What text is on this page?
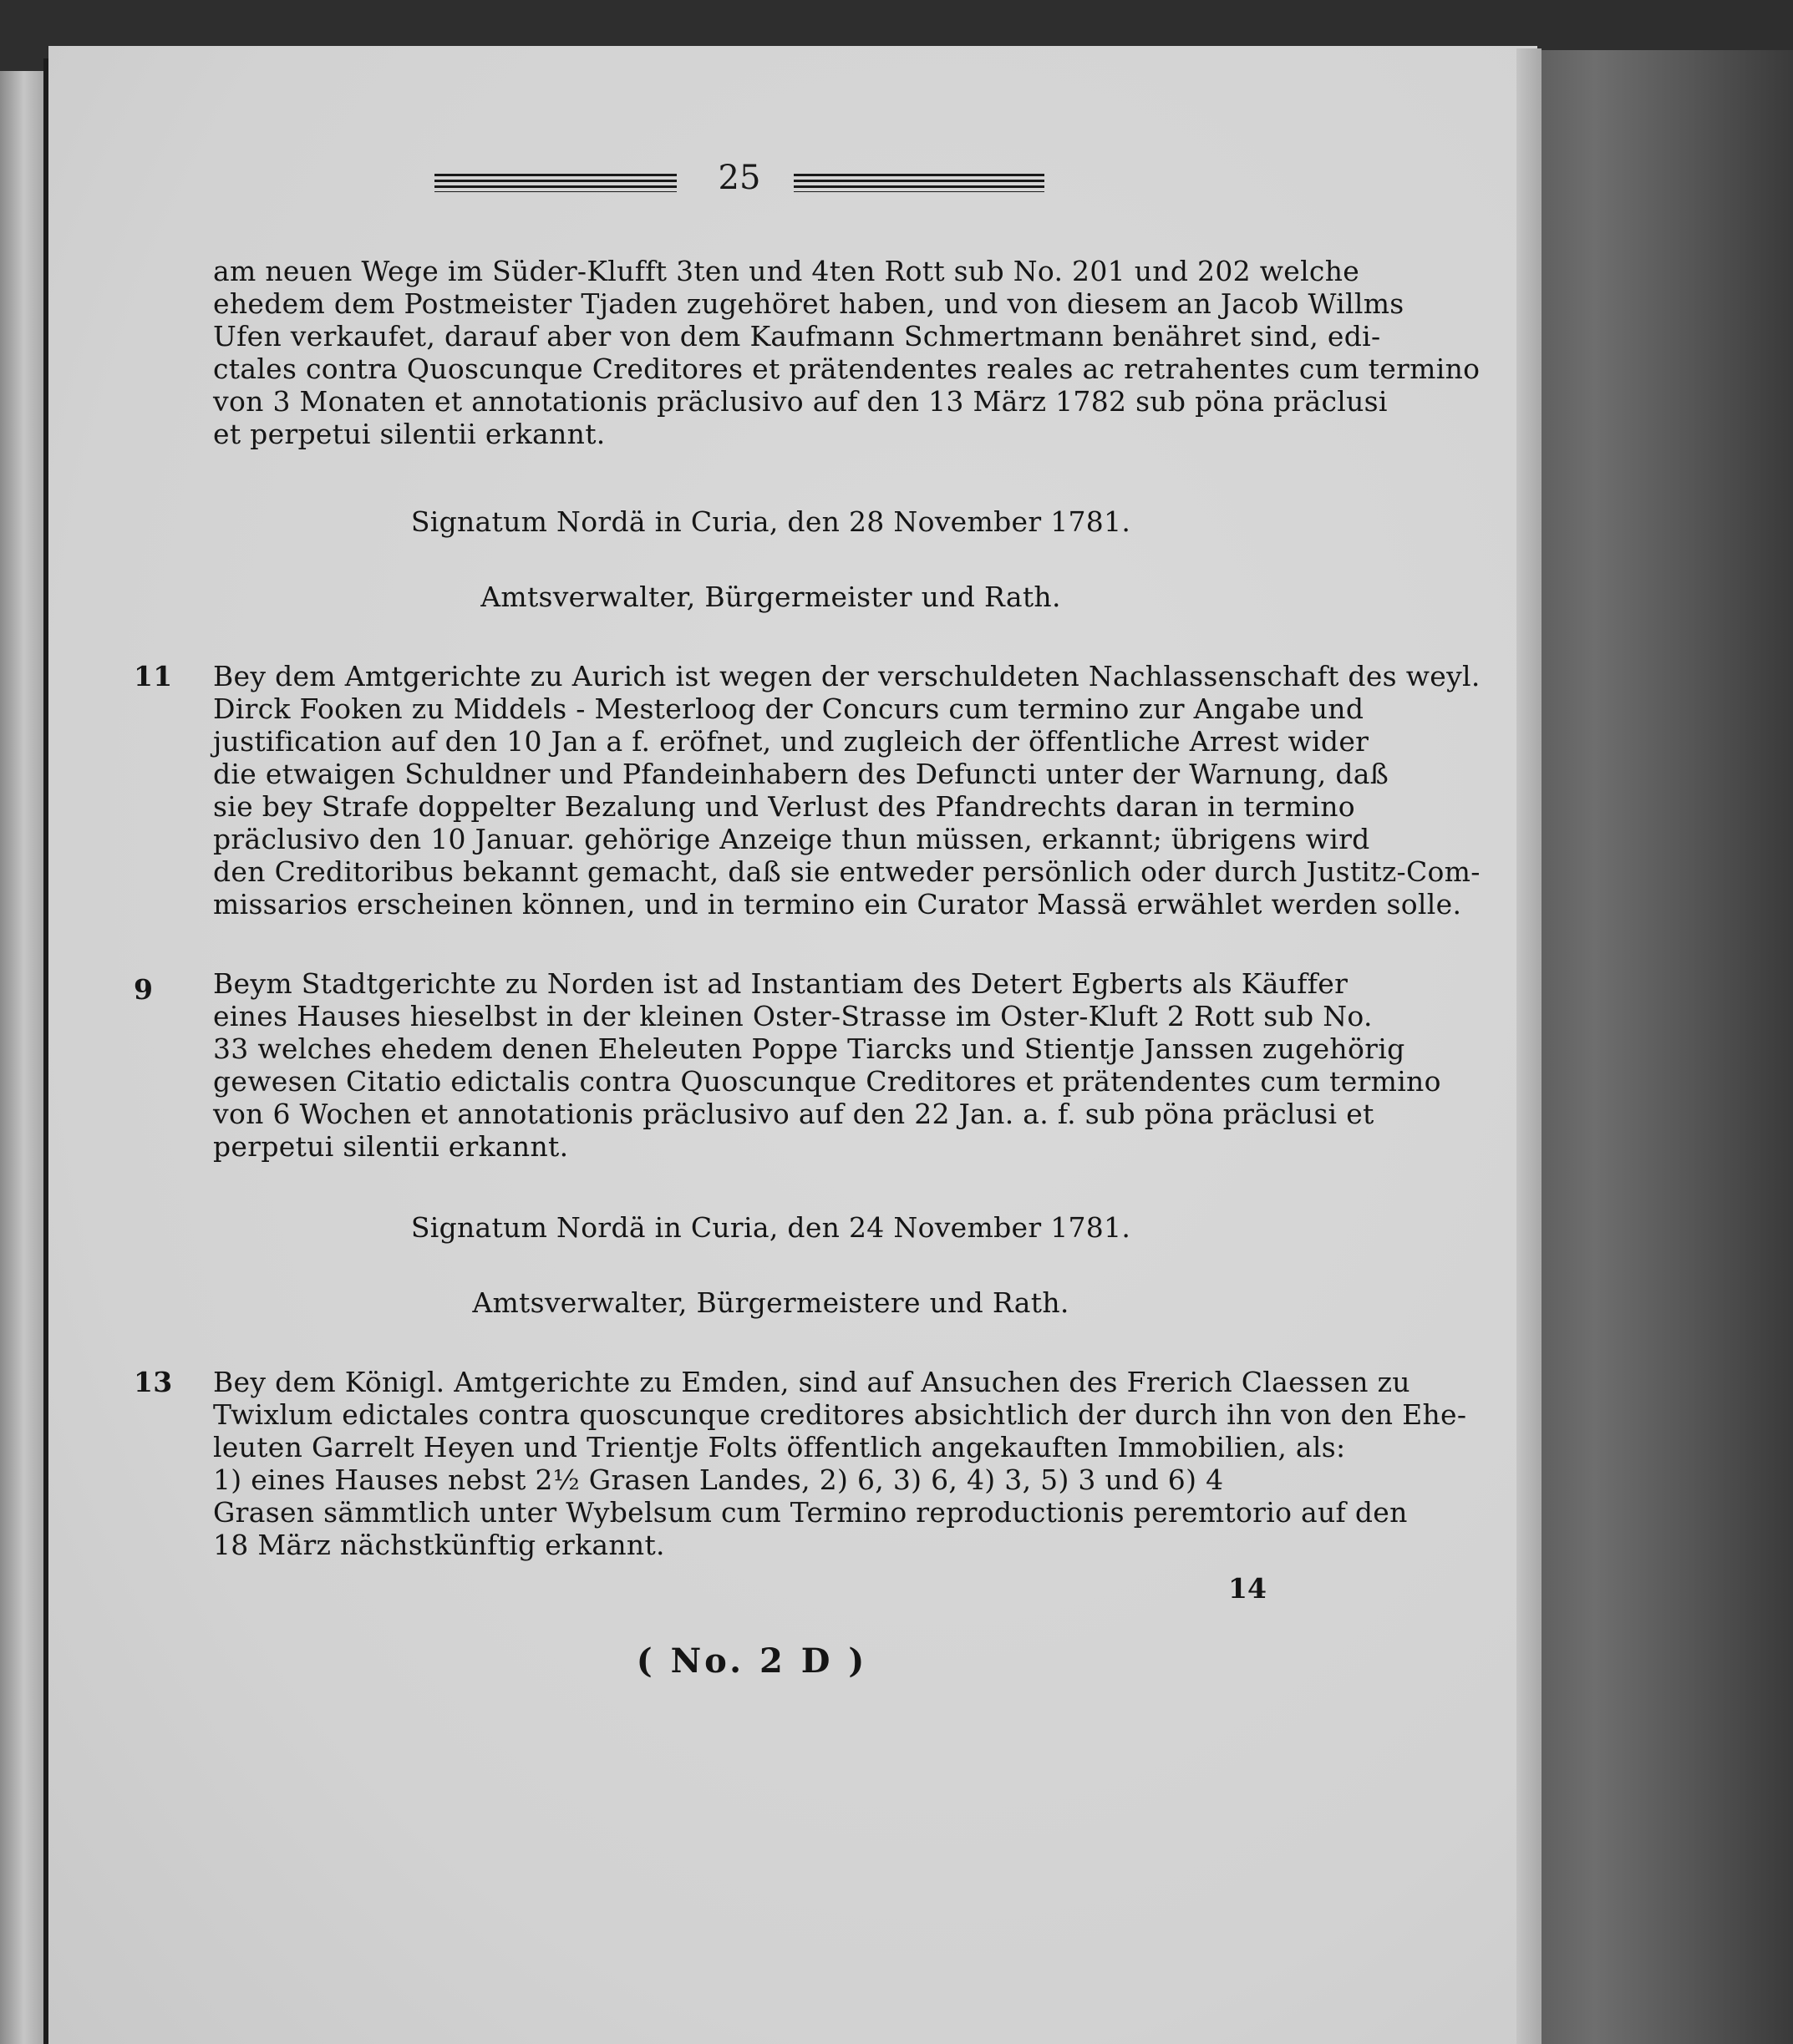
25
am neuen Wege im Süder-Klufft 3ten und 4ten Rott sub No. 201 und 202 welche
ehedem dem Postmeister Tjaden zugehöret haben, und von diesem an Jacob Willms
Ufen verkaufet, darauf aber von dem Kaufmann Schmertmann benähret sind, edi-
ctales contra Quoscunque Creditores et prätendentes reales ac retrahentes cum termino
von 3 Monaten et annotationis präclusivo auf den 13 März 1782 sub pöna präclusi
et perpetui silentii erkannt.
Signatum Nordä in Curia, den 28 November 1781.
Amtsverwalter, Bürgermeister und Rath.
11 Bey dem Amtgerichte zu Aurich ist wegen der verschuldeten Nachlassenschaft des weyl.
Dirck Fooken zu Middels - Mesterloog der Concurs cum termino zur Angabe und
justification auf den 10 Jan a f. eröfnet, und zugleich der öffentliche Arrest wider
die etwaigen Schuldner und Pfandeinhabern des Defuncti unter der Warnung, daß
sie bey Strafe doppelter Bezalung und Verlust des Pfandrechts daran in termino
präclusivo den 10 Januar. gehörige Anzeige thun müssen, erkannt; übrigens wird
den Creditoribus bekannt gemacht, daß sie entweder persönlich oder durch Justitz-Com-
missarios erscheinen können, und in termino ein Curator Massä erwählet werden solle.
9 Beym Stadtgerichte zu Norden ist ad Instantiam des Detert Egberts als Käuffer
eines Hauses hieselbst in der kleinen Oster-Strasse im Oster-Kluft 2 Rott sub No.
33 welches ehedem denen Eheleuten Poppe Tiarcks und Stientje Janssen zugehörig
gewesen Citatio edictalis contra Quoscunque Creditores et prätendentes cum termino
von 6 Wochen et annotationis präclusivo auf den 22 Jan. a. f. sub pöna präclusi et
perpetui silentii erkannt.
Signatum Nordä in Curia, den 24 November 1781.
Amtsverwalter, Bürgermeistere und Rath.
13 Bey dem Königl. Amtgerichte zu Emden, sind auf Ansuchen des Frerich Claessen zu
Twixlum edictales contra quoscunque creditores absichtlich der durch ihn von den Ehe-
leuten Garrelt Heyen und Trientje Folts öffentlich angekauften Immobilien, als:
1) eines Hauses nebst 2½ Grasen Landes, 2) 6, 3) 6, 4) 3, 5) 3 und 6) 4
Grasen sämmtlich unter Wybelsum cum Termino reproductionis peremtorio auf den
18 März nächstkünftig erkannt.
14
( No. 2 D )
